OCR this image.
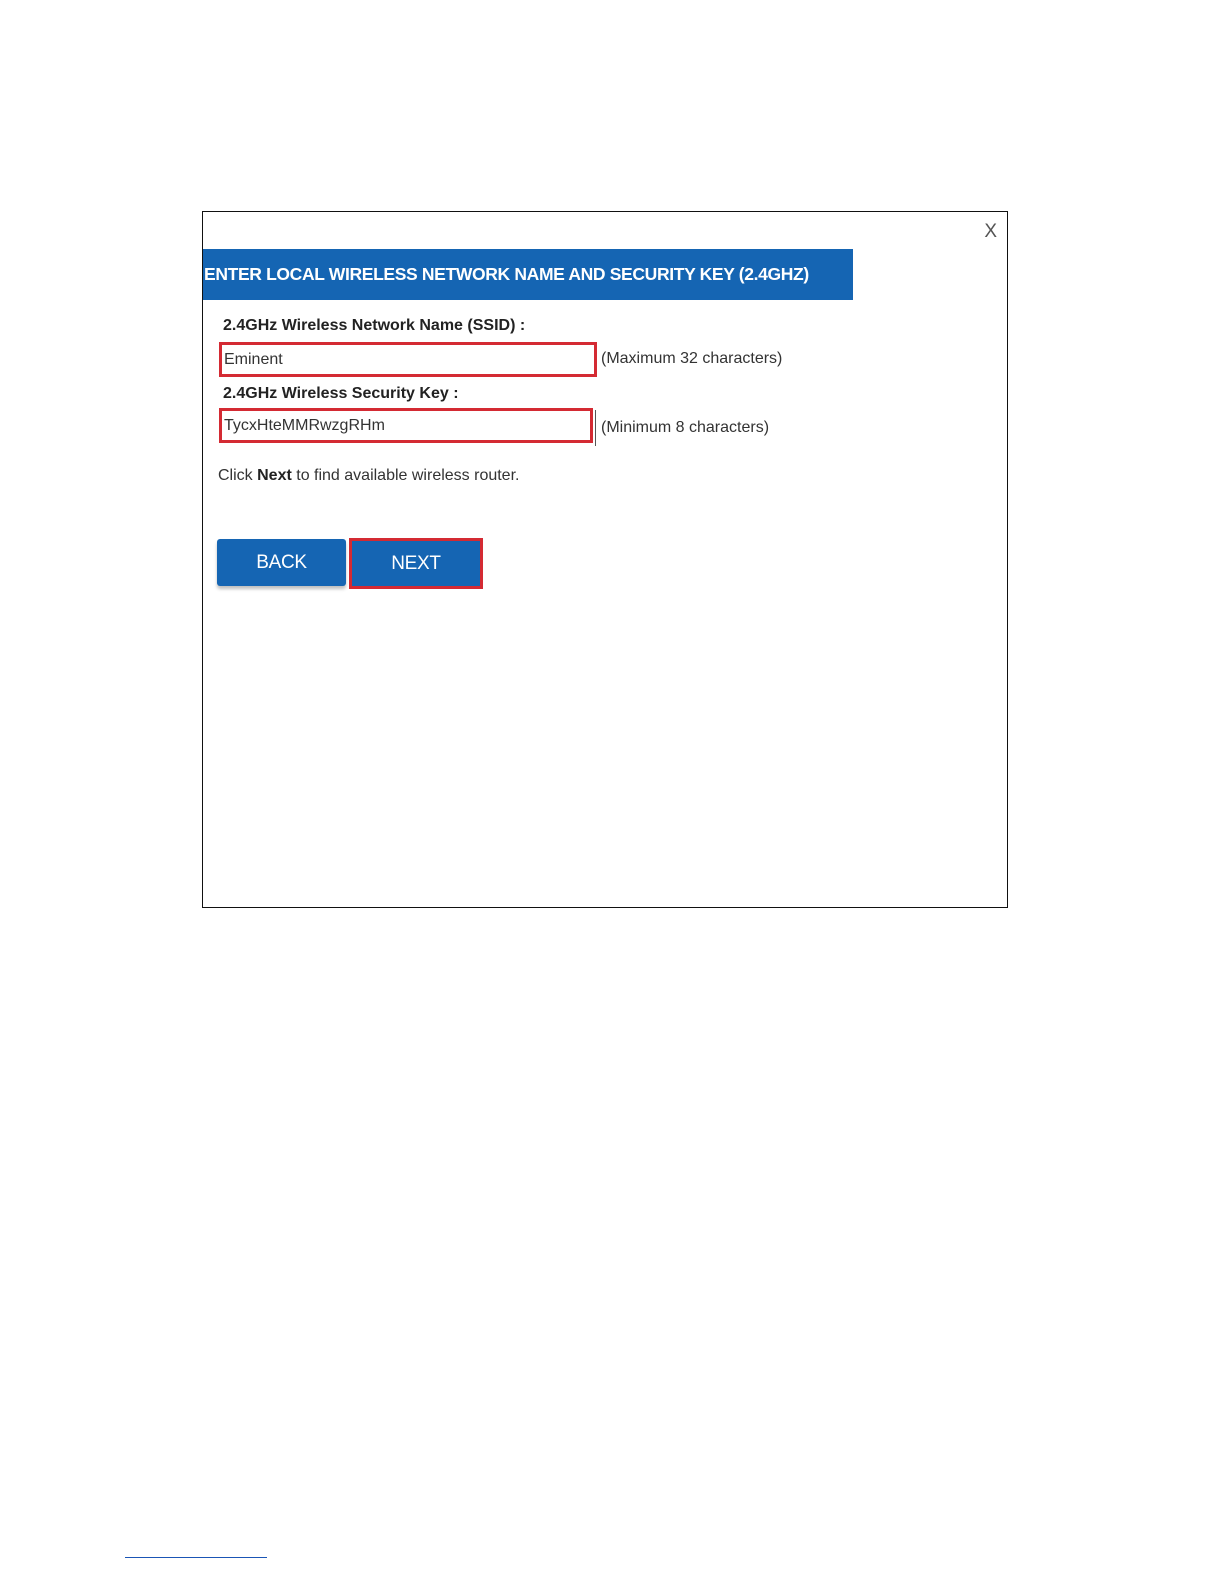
X
ENTER LOCAL WIRELESS NETWORK NAME AND SECURITY KEY (2.4GHZ)
2.4GHz Wireless Network Name (SSID) :
Eminent
(Maximum 32 characters)
2.4GHz Wireless Security Key :
TycxHteMMRwzgRHm
(Minimum 8 characters)
Click Next to find available wireless router.
BACK	NEXT
